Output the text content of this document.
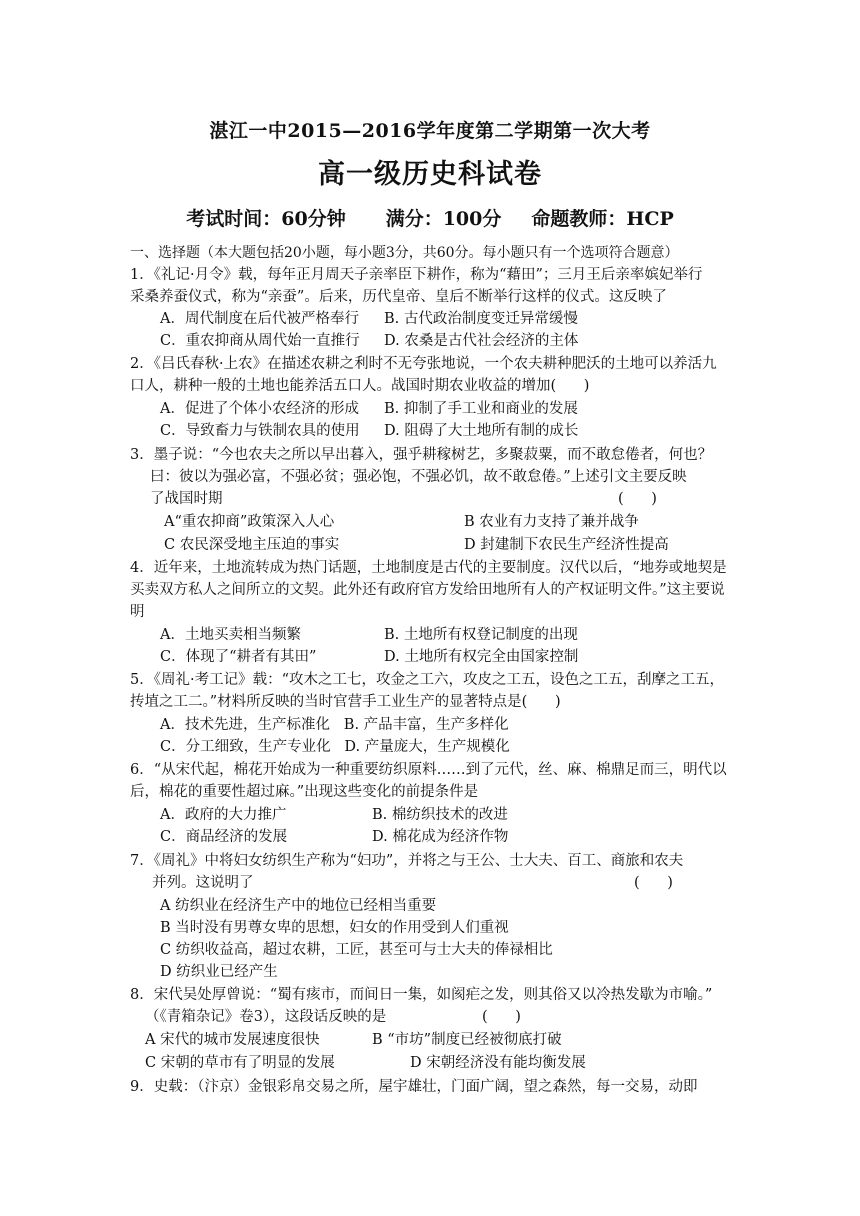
湛江一中2015—2016学年度第二学期第一次大考
高一级历史科试卷
考试时间：60分钟 满分：100分 命题教师：HCP
一、选择题（本大题包括20小题，每小题3分，共60分。每小题只有一个选项符合题意）
1．《礼记·月令》载，每年正月周天子亲率臣下耕作，称为“藉田”；三月王后亲率嫔妃举行
采桑养蚕仪式，称为“亲蚕”。后来，历代皇帝、皇后不断举行这样的仪式。这反映了
A．周代制度在后代被严格奉行 B. 古代政治制度变迁异常缓慢
C．重农抑商从周代始一直推行 D. 农桑是古代社会经济的主体
2．《吕氏春秋·上农》在描述农耕之利时不无夸张地说，一个农夫耕种肥沃的土地可以养活九
口人，耕种一般的土地也能养活五口人。战国时期农业收益的增加(      )
A．促进了个体小农经济的形成 B. 抑制了手工业和商业的发展
C．导致畜力与铁制农具的使用 D. 阻碍了大土地所有制的成长
3．墨子说：“今也农夫之所以早出暮入，强乎耕稼树艺，多聚菽粟，而不敢怠倦者，何也？
曰：彼以为强必富，不强必贫；强必饱，不强必饥，故不敢怠倦。”上述引文主要反映
了战国时期	(      )
A“重农抑商”政策深入人心	B 农业有力支持了兼并战争
C 农民深受地主压迫的事实	D 封建制下农民生产经济性提高
4．近年来，土地流转成为热门话题，土地制度是古代的主要制度。汉代以后，“地券或地契是
买卖双方私人之间所立的文契。此外还有政府官方发给田地所有人的产权证明文件。”这主要说
明
A．土地买卖相当频繁	B. 土地所有权登记制度的出现
C．体现了“耕者有其田”	D. 土地所有权完全由国家控制
5．《周礼·考工记》载：“攻木之工七，攻金之工六，攻皮之工五，设色之工五，刮摩之工五，
抟埴之工二。”材料所反映的当时官营手工业生产的显著特点是(      )
A．技术先进，生产标准化   B. 产品丰富，生产多样化
C．分工细致，生产专业化   D. 产量庞大，生产规模化
6．“从宋代起，棉花开始成为一种重要纺织原料……到了元代，丝、麻、棉鼎足而三，明代以
后，棉花的重要性超过麻。”出现这些变化的前提条件是
A．政府的大力推广	B. 棉纺织技术的改进
C．商品经济的发展	D. 棉花成为经济作物
7．《周礼》中将妇女纺织生产称为“妇功”，并将之与王公、士大夫、百工、商旅和农夫
并列。这说明了	(      )
A 纺织业在经济生产中的地位已经相当重要
B 当时没有男尊女卑的思想，妇女的作用受到人们重视
C 纺织收益高，超过农耕，工匠，甚至可与士大夫的俸禄相比
D 纺织业已经产生
8．宋代吴处厚曾说：“蜀有痎市，而间日一集，如阂疟之发，则其俗又以冷热发歇为市喻。”
（《青箱杂记》卷3），这段话反映的是	(      )
A 宋代的城市发展速度很快	B “市坊”制度已经被彻底打破
C 宋朝的草市有了明显的发展	D 宋朝经济没有能均衡发展
9．史载：（汴京）金银彩帛交易之所，屋宇雄壮，门面广阔，望之森然，每一交易，动即
